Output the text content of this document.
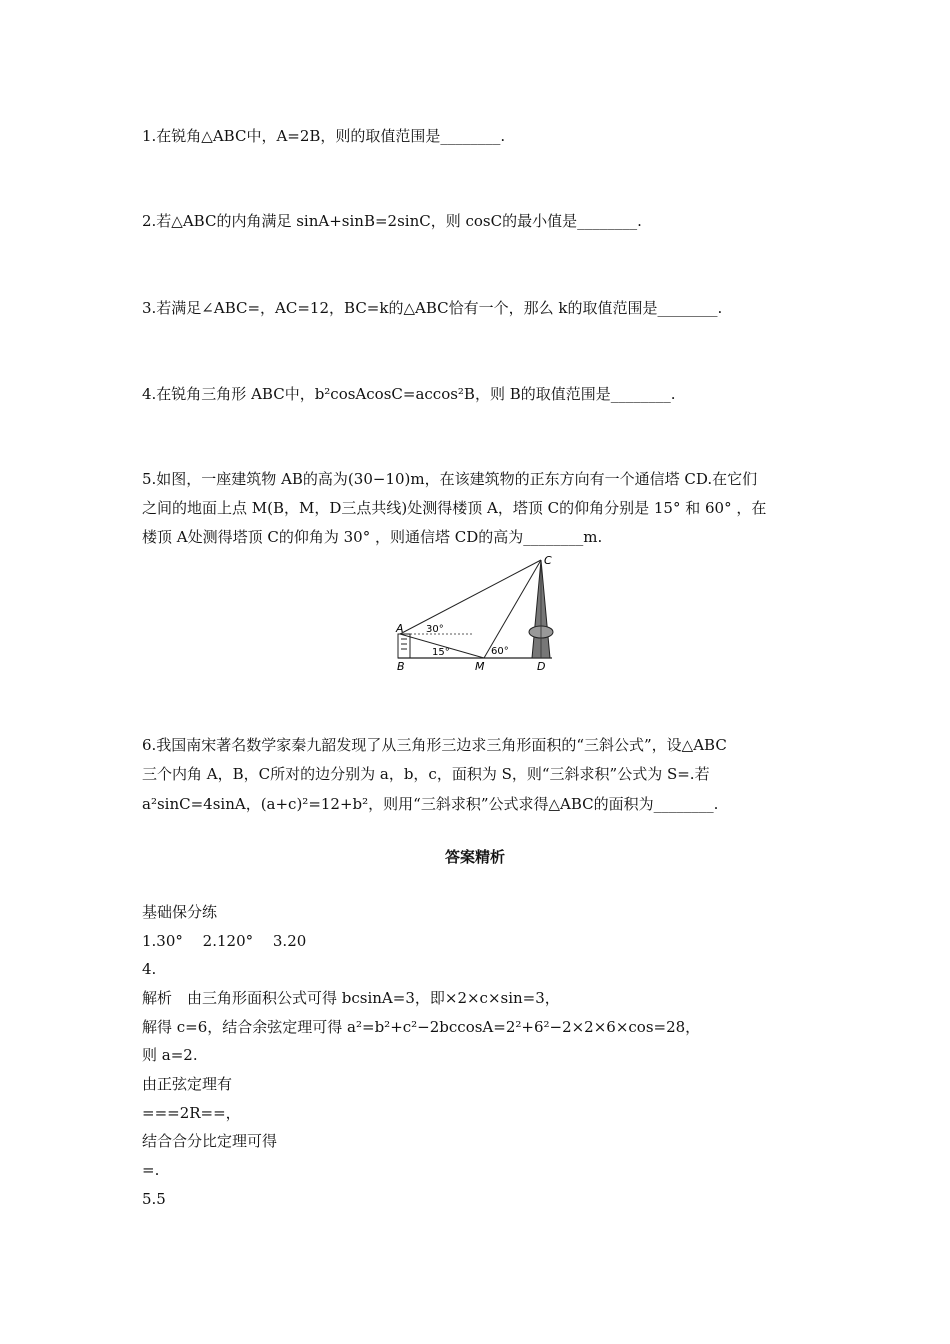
1.在锐角△ABC中，A=2B，则的取值范围是________.
2.若△ABC的内角满足 sinA+sinB=2sinC，则 cosC的最小值是________.
3.若满足∠ABC=，AC=12，BC=k的△ABC恰有一个，那么 k的取值范围是________.
4.在锐角三角形 ABC中，b²cosAcosC=accos²B，则 B的取值范围是________.
5.如图，一座建筑物 AB的高为(30−10)m，在该建筑物的正东方向有一个通信塔 CD.在它们
之间的地面上点 M(B，M，D三点共线)处测得楼顶 A，塔顶 C的仰角分别是 15° 和 60° ，在
楼顶 A处测得塔顶 C的仰角为 30° ，则通信塔 CD的高为________m.
30°
15°	60°
A
B
C
M	D
6.我国南宋著名数学家秦九韶发现了从三角形三边求三角形面积的“三斜公式”，设△ABC
三个内角 A，B，C所对的边分别为 a，b，c，面积为 S，则“三斜求积”公式为 S=.若
a²sinC=4sinA，(a+c)²=12+b²，则用“三斜求积”公式求得△ABC的面积为________.
答案精析
基础保分练
1.30°　 2.120°　 3.20
4.
解析　由三角形面积公式可得 bcsinA=3，即×2×c×sin=3，
解得 c=6，结合余弦定理可得 a²=b²+c²−2bccosA=2²+6²−2×2×6×cos=28，
则 a=2.
由正弦定理有
===2R==，
结合合分比定理可得
=.
5.5
